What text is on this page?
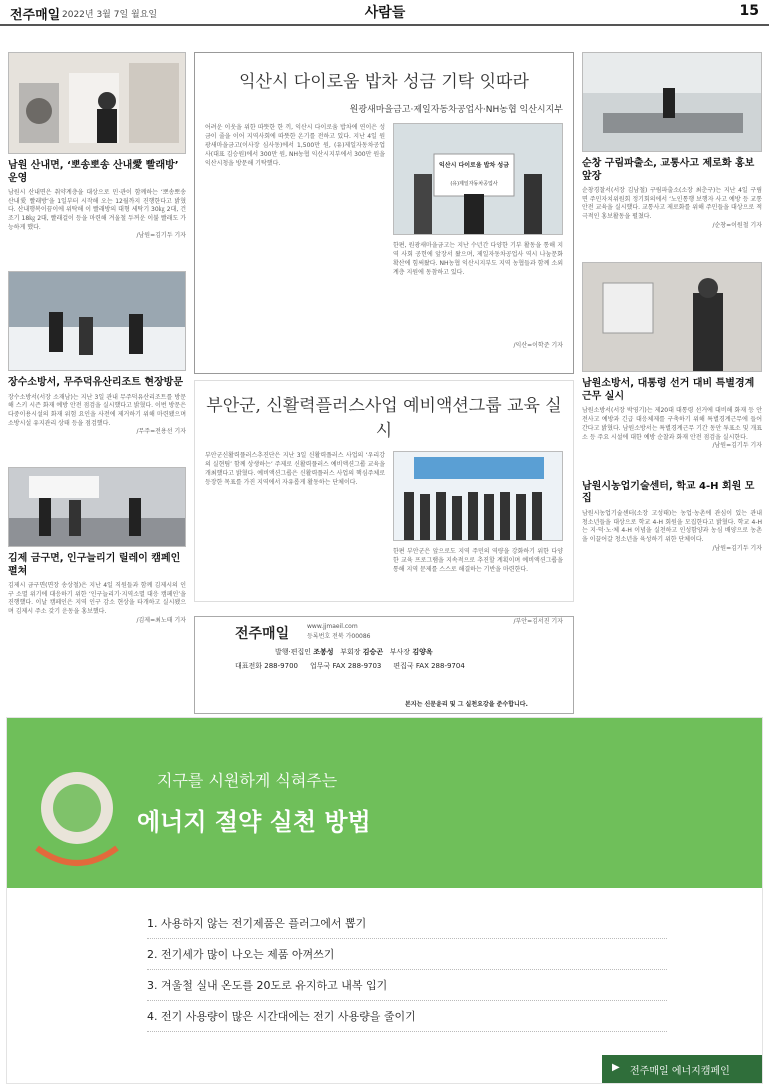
전주매일 2022년 3월 7일 월요일	사람들	15
남원 산내면, ‘뽀송뽀송 산내愛 빨래방’ 운영
남원시 산내면은 취약계층을 대상으로 민·관이 함께하는 ‘뽀송뽀송 산내愛 빨래방’을 1일부터 시작해 오는 12월까지 진행한다고 밝혔다. 산내행복이끔이에 위탁해 이 빨래방의 대형 세탁기 30㎏ 2대, 건조기 18㎏ 2대, 빨래걸이 등을 마련해 겨울철 두꺼운 이불 빨래도 가능하게 했다.
/남원=김기두 기자
장수소방서, 무주덕유산리조트 현장방문
장수소방서(서장 소재남)는 지난 3일 관내 무주덕유산리조트를 방문해 스키 시즌 화재 예방 안전 점검을 실시했다고 밝혔다. 이번 방문은 다중이용시설의 화재 위험 요인을 사전에 제거하기 위해 마련됐으며 소방시설 유지관리 상태 등을 점검했다.
/무주=전용선 기자
김제 금구면, 인구늘리기 릴레이 캠페인 펼쳐
김제시 금구면(면장 송상철)은 지난 4일 직원들과 함께 김제시의 인구 소멸 위기에 대응하기 위한 ‘인구늘리기·지역소멸 대응 캠페인’을 진행했다. 이날 캠페인은 지역 인구 감소 현상을 타개하고 실시됐으며 김제시 주소 갖기 운동을 홍보했다.
/김제=최노태 기자
익산시 다이로움 밥차 성금 기탁 잇따라
원광새마을금고·제일자동차공업사·NH농협 익산시지부
어려운 이웃을 위한 따뜻한 한 끼, 익산시 다이로움 밥차에 연이은 성금이 줄을 이어 지역사회에 따뜻한 온기를 전하고 있다. 지난 4일 원광새마을금고(이사장 심사동)에서 1,500만 원, (유)제일자동차공업사(대표 김승원)에서 300만 원, NH농협 익산시지부에서 300만 원을 익산시청을 방문해 기탁했다.	익산시 다이로움 밥차 성금
(유)제일자동차공업사
한편, 원광새마을금고는 지난 수년간 다양한 기부 활동을 통해 지역 사회 공헌에 앞장서 왔으며, 제일자동차공업사 역시 나눔문화 확산에 힘써왔다. NH농협 익산시지부도 지역 농협들과 함께 소외계층 지원에 동참하고 있다.
/익산=이학준 기자
부안군, 신활력플러스사업 예비액션그룹 교육 실시
부안군신활력플러스추진단은 지난 3일 신활력플러스 사업의 ‘우리강의 실현팀’ 함께 상생하는’ 주제로 신활력플러스 예비액션그룹 교육을 개최했다고 밝혔다. 예비액션그룹은 신활력플러스 사업의 핵심주체로 등장한 목표를 가진 지역에서 자유롭게 활동하는 단체이다.
한편 부안군은 앞으로도 지역 주민의 역량을 강화하기 위한 다양한 교육 프로그램을 지속적으로 추진할 계획이며 예비액션그룹을 통해 지역 문제를 스스로 해결하는 기반을 마련한다.
/부안=김서진 기자
전주매일	www.jjmaeil.com
등록번호 전북 가00086
발행·편집인 조봉성 부회장 김승곤 부사장 김양옥
대표전화 288-9700 업무국 FAX 288-9703 편집국 FAX 288-9704
본지는 신문윤리 및 그 실천요강을 준수합니다.
순창 구림파출소, 교통사고 제로화 홍보 앞장
순창경찰서(서장 김남철) 구림파출소(소장 최춘구)는 지난 4일 구림면 주민자치위원회 정기회의에서 ‘노인통행 보행자 사고 예방 등 교통안전 교육을 실시했다. 교통사고 제로화를 위해 주민들을 대상으로 적극적인 홍보활동을 펼쳤다.
/순창=이원철 기자
남원소방서, 대통령 선거 대비 특별경계근무 실시
남원소방서(서장 박영기)는 제20대 대통령 선거에 대비해 화재 등 안전사고 예방과 긴급 대응체제를 구축하기 위해 특별경계근무에 들어간다고 밝혔다. 남원소방서는 특별경계근무 기간 동안 투표소 및 개표소 등 주요 시설에 대한 예방 순찰과 화재 안전 점검을 실시한다.
/남원=김기두 기자
남원시농업기술센터, 학교 4-H 회원 모집
남원시농업기술센터(소장 고성태)는 농업·농촌에 관심이 있는 관내 청소년들을 대상으로 학교 4-H 회원을 모집한다고 밝혔다. 학교 4-H는 지·덕·노·체 4-H 이념을 실천하고 인성함양과 농심 배양으로 농촌을 이끌어갈 청소년을 육성하기 위한 단체이다.
/남원=김기두 기자
지구를 시원하게 식혀주는
에너지 절약 실천 방법
1. 사용하지 않는 전기제품은 플러그에서 뽑기
2. 전기세가 많이 나오는 제품 아껴쓰기
3. 겨울철 실내 온도를 20도로 유지하고 내복 입기
4. 전기 사용량이 많은 시간대에는 전기 사용량을 줄이기
▶ 전주매일 에너지캠페인
